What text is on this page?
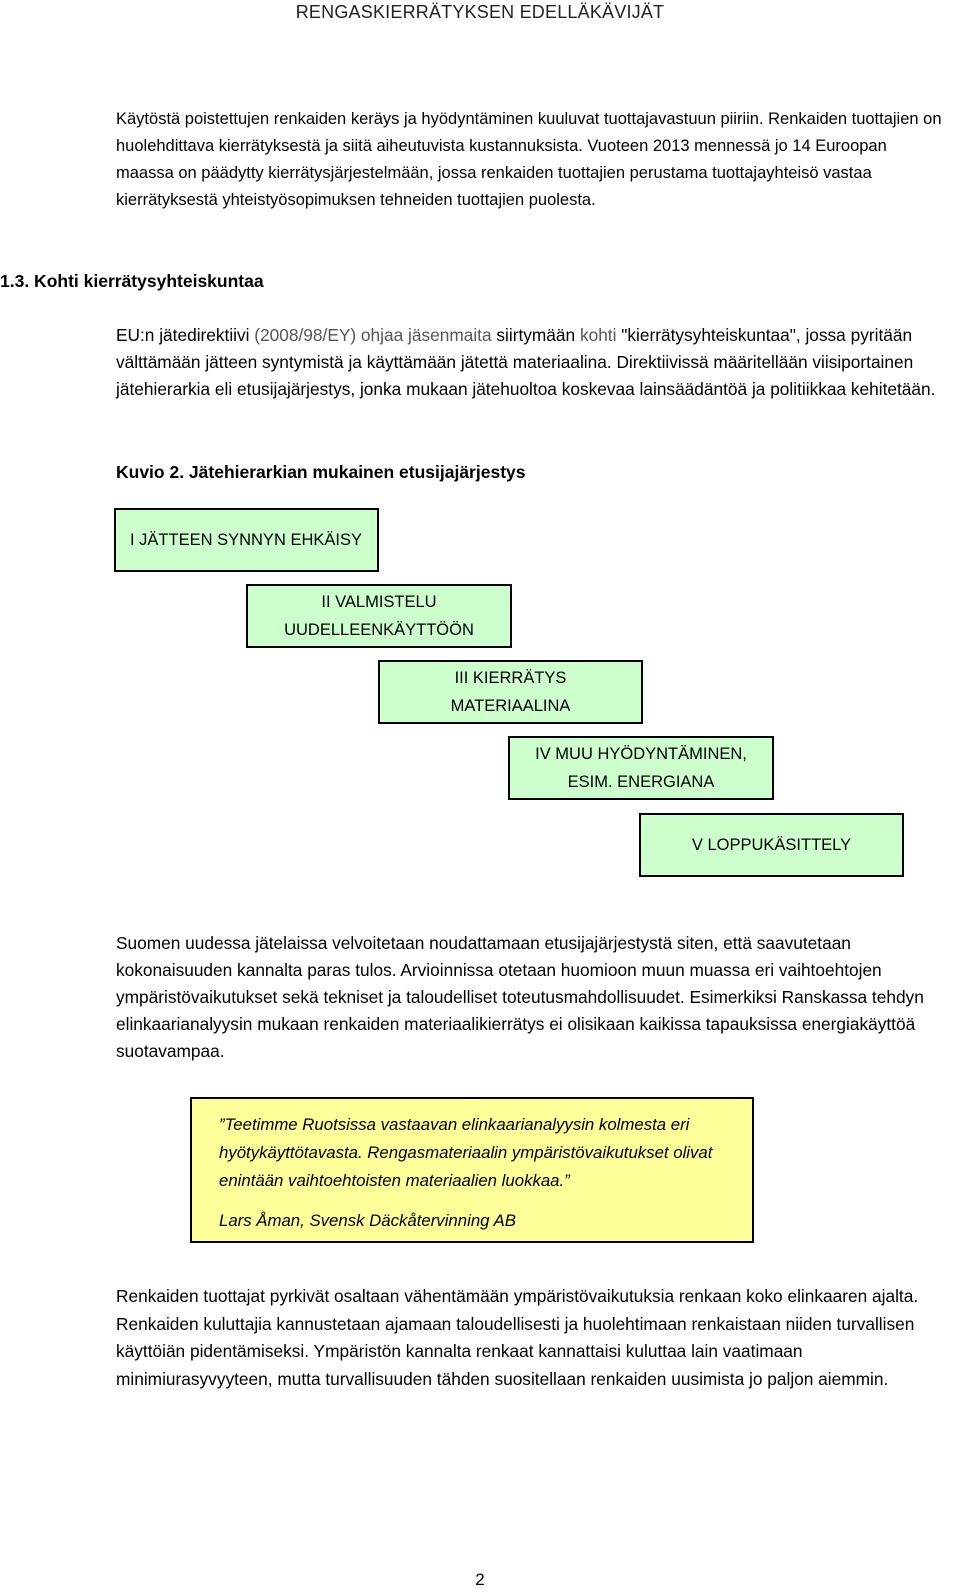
RENGASKIERRÄTYKSEN EDELLÄKÄVIJÄT

Käytöstä poistettujen renkaiden keräys ja hyödyntäminen kuuluvat tuottajavastuun piiriin. Renkaiden tuottajien on huolehdittava kierrätyksestä ja siitä aiheutuvista kustannuksista. Vuoteen 2013 mennessä jo 14 Euroopan maassa on päädytty kierrätysjärjestelmään, jossa renkaiden tuottajien perustama tuottajayhteisö vastaa kierrätyksestä yhteistyösopimuksen tehneiden tuottajien puolesta.

1.3. Kohti kierrätysyhteiskuntaa

EU:n jätedirektiivi (2008/98/EY) ohjaa jäsenmaita siirtymään kohti "kierrätysyhteiskuntaa", jossa pyritään välttämään jätteen syntymistä ja käyttämään jätettä materiaalina. Direktiivissä määritellään viisiportainen jätehierarkia eli etusijajärjestys, jonka mukaan jätehuoltoa koskevaa lainsäädäntöä ja politiikkaa kehitetään.

Kuvio 2. Jätehierarkian mukainen etusijajärjestys
I JÄTTEEN SYNNYN EHKÄISY
II VALMISTELU
UUDELLEENKÄYTTÖÖN
III KIERRÄTYS
MATERIAALINA
IV MUU HYÖDYNTÄMINEN,
ESIM. ENERGIANA
V LOPPUKÄSITTELY

Suomen uudessa jätelaissa velvoitetaan noudattamaan etusijajärjestystä siten, että saavutetaan kokonaisuuden kannalta paras tulos. Arvioinnissa otetaan huomioon muun muassa eri vaihtoehtojen ympäristövaikutukset sekä tekniset ja taloudelliset toteutusmahdollisuudet. Esimerkiksi Ranskassa tehdyn elinkaarianalyysin mukaan renkaiden materiaalikierrätys ei olisikaan kaikissa tapauksissa energiakäyttöä suotavampaa.

”Teetimme Ruotsissa vastaavan elinkaarianalyysin kolmesta eri hyötykäyttötavasta. Rengasmateriaalin ympäristövaikutukset olivat enintään vaihtoehtoisten materiaalien luokkaa.”

Lars Åman, Svensk Däckåtervinning AB

Renkaiden tuottajat pyrkivät osaltaan vähentämään ympäristövaikutuksia renkaan koko elinkaaren ajalta. Renkaiden kuluttajia kannustetaan ajamaan taloudellisesti ja huolehtimaan renkaistaan niiden turvallisen käyttöiän pidentämiseksi. Ympäristön kannalta renkaat kannattaisi kuluttaa lain vaatimaan minimiurasyvyyteen, mutta turvallisuuden tähden suositellaan renkaiden uusimista jo paljon aiemmin.

2
